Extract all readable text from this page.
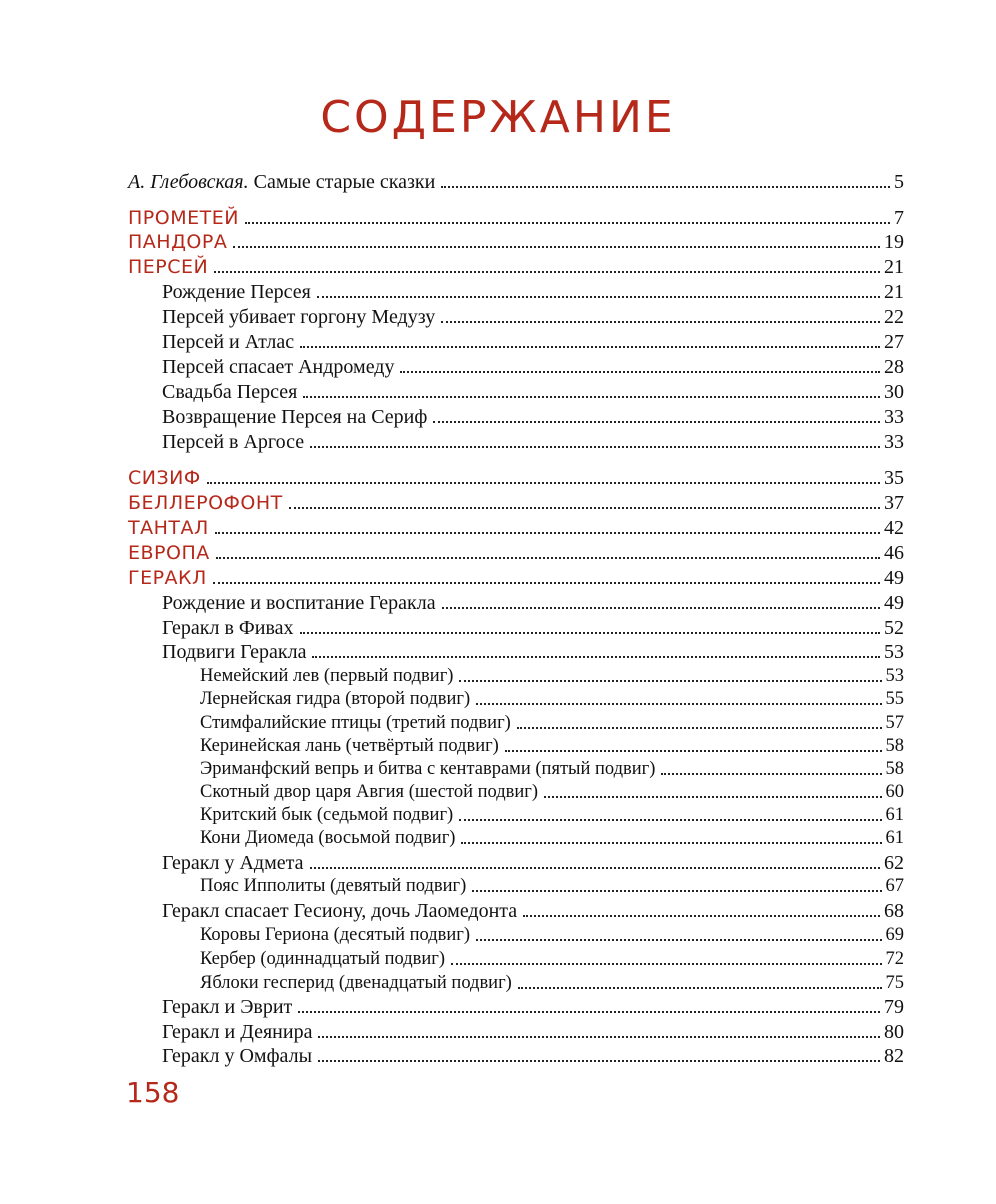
СОДЕРЖАНИЕ
А. Глебовская. Самые старые сказки	5
ПРОМЕТЕЙ	7
ПАНДОРА	19
ПЕРСЕЙ	21
Рождение Персея	21
Персей убивает горгону Медузу	22
Персей и Атлас	27
Персей спасает Андромеду	28
Свадьба Персея	30
Возвращение Персея на Сериф	33
Персей в Аргосе	33
СИЗИФ	35
БЕЛЛЕРОФОНТ	37
ТАНТАЛ	42
ЕВРОПА	46
ГЕРАКЛ	49
Рождение и воспитание Геракла	49
Геракл в Фивах	52
Подвиги Геракла	53
Немейский лев (первый подвиг)	53
Лернейская гидра (второй подвиг)	55
Стимфалийские птицы (третий подвиг)	57
Керинейская лань (четвёртый подвиг)	58
Эриманфский вепрь и битва с кентаврами (пятый подвиг)	58
Скотный двор царя Авгия (шестой подвиг)	60
Критский бык (седьмой подвиг)	61
Кони Диомеда (восьмой подвиг)	61
Геракл у Адмета	62
Пояс Ипполиты (девятый подвиг)	67
Геракл спасает Гесиону, дочь Лаомедонта	68
Коровы Гериона (десятый подвиг)	69
Кербер (одиннадцатый подвиг)	72
Яблоки гесперид (двенадцатый подвиг)	75
Геракл и Эврит	79
Геракл и Деянира	80
Геракл у Омфалы	82

158
